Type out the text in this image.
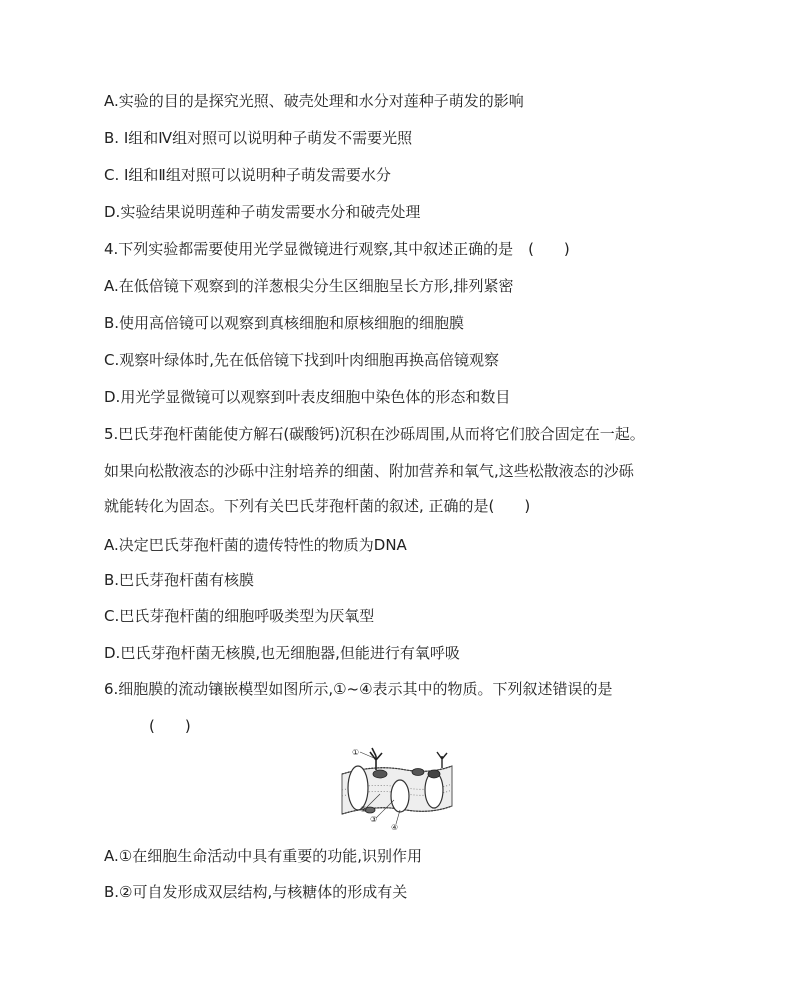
A.实验的目的是探究光照、破壳处理和水分对莲种子萌发的影响
B. Ⅰ组和Ⅳ组对照可以说明种子萌发不需要光照
C. Ⅰ组和Ⅱ组对照可以说明种子萌发需要水分
D.实验结果说明莲种子萌发需要水分和破壳处理
4.下列实验都需要使用光学显微镜进行观察,其中叙述正确的是　(　　)
A.在低倍镜下观察到的洋葱根尖分生区细胞呈长方形,排列紧密
B.使用高倍镜可以观察到真核细胞和原核细胞的细胞膜
C.观察叶绿体时,先在低倍镜下找到叶肉细胞再换高倍镜观察
D.用光学显微镜可以观察到叶表皮细胞中染色体的形态和数目
5.巴氏芽孢杆菌能使方解石(碳酸钙)沉积在沙砾周围,从而将它们胶合固定在一起。
如果向松散液态的沙砾中注射培养的细菌、附加营养和氧气,这些松散液态的沙砾
就能转化为固态。下列有关巴氏芽孢杆菌的叙述, 正确的是(　　)
A.决定巴氏芽孢杆菌的遗传特性的物质为DNA
B.巴氏芽孢杆菌有核膜
C.巴氏芽孢杆菌的细胞呼吸类型为厌氧型
D.巴氏芽孢杆菌无核膜,也无细胞器,但能进行有氧呼吸
6.细胞膜的流动镶嵌模型如图所示,①~④表示其中的物质。下列叙述错误的是
　　　(　　)
A.①在细胞生命活动中具有重要的功能,识别作用
B.②可自发形成双层结构,与核糖体的形成有关
①
②
③
④
